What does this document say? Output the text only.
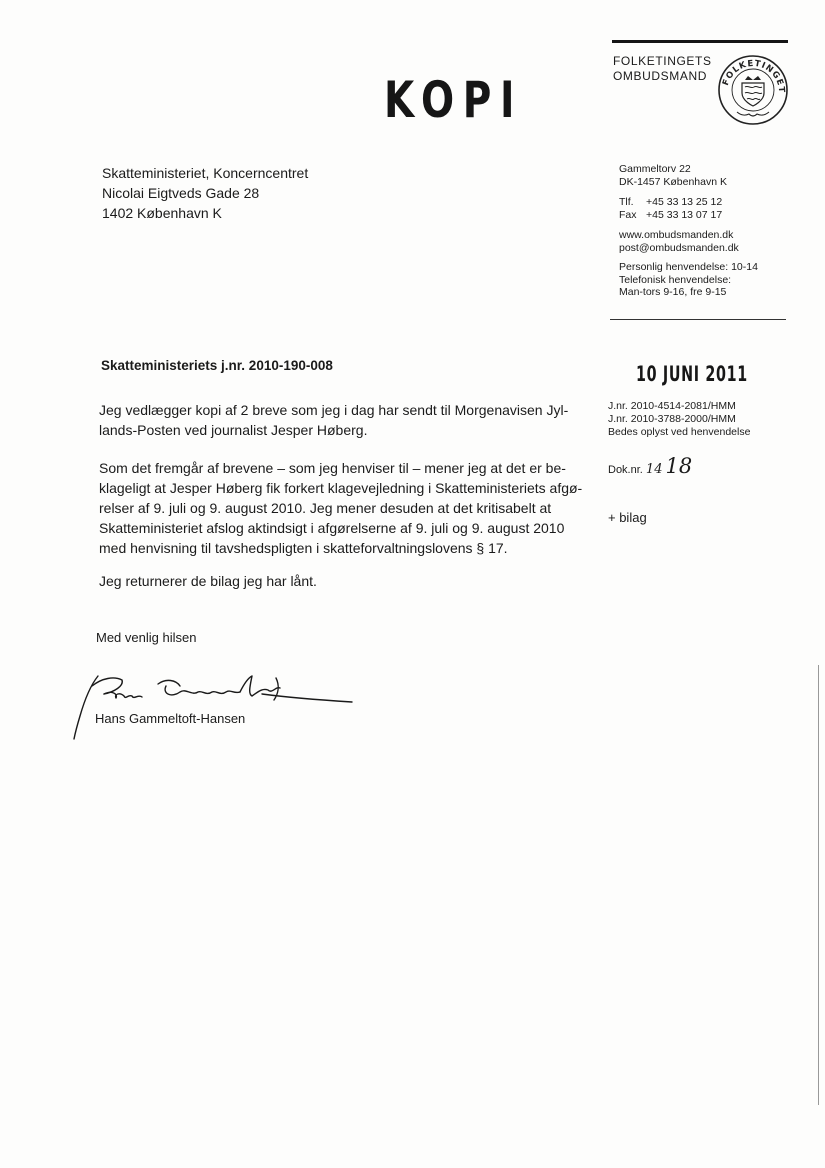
FOLKETINGETS
OMBUDSMAND	FOLKETINGET
KOPI
Skatteministeriet, Koncerncentret
Nicolai Eigtveds Gade 28
1402 København K
Gammeltorv 22
DK-1457 København K
Tlf. +45 33 13 25 12
Fax +45 33 13 07 17
www.ombudsmanden.dk
post@ombudsmanden.dk
Personlig henvendelse: 10-14
Telefonisk henvendelse:
Man-tors 9-16, fre 9-15
Skatteministeriets j.nr. 2010-190-008	10 JUNI 2011
J.nr. 2010-4514-2081/HMM
J.nr. 2010-3788-2000/HMM
Bedes oplyst ved henvendelse
Dok.nr. 14 18
+ bilag
Jeg vedlægger kopi af 2 breve som jeg i dag har sendt til Morgenavisen Jyl-
lands-Posten ved journalist Jesper Høberg.
Som det fremgår af brevene – som jeg henviser til – mener jeg at det er be-
klageligt at Jesper Høberg fik forkert klagevejledning i Skatteministeriets afgø-
relser af 9. juli og 9. august 2010. Jeg mener desuden at det kritisabelt at
Skatteministeriet afslog aktindsigt i afgørelserne af 9. juli og 9. august 2010
med henvisning til tavshedspligten i skatteforvaltningslovens § 17.
Jeg returnerer de bilag jeg har lånt.
Med venlig hilsen
Hans Gammeltoft-Hansen
